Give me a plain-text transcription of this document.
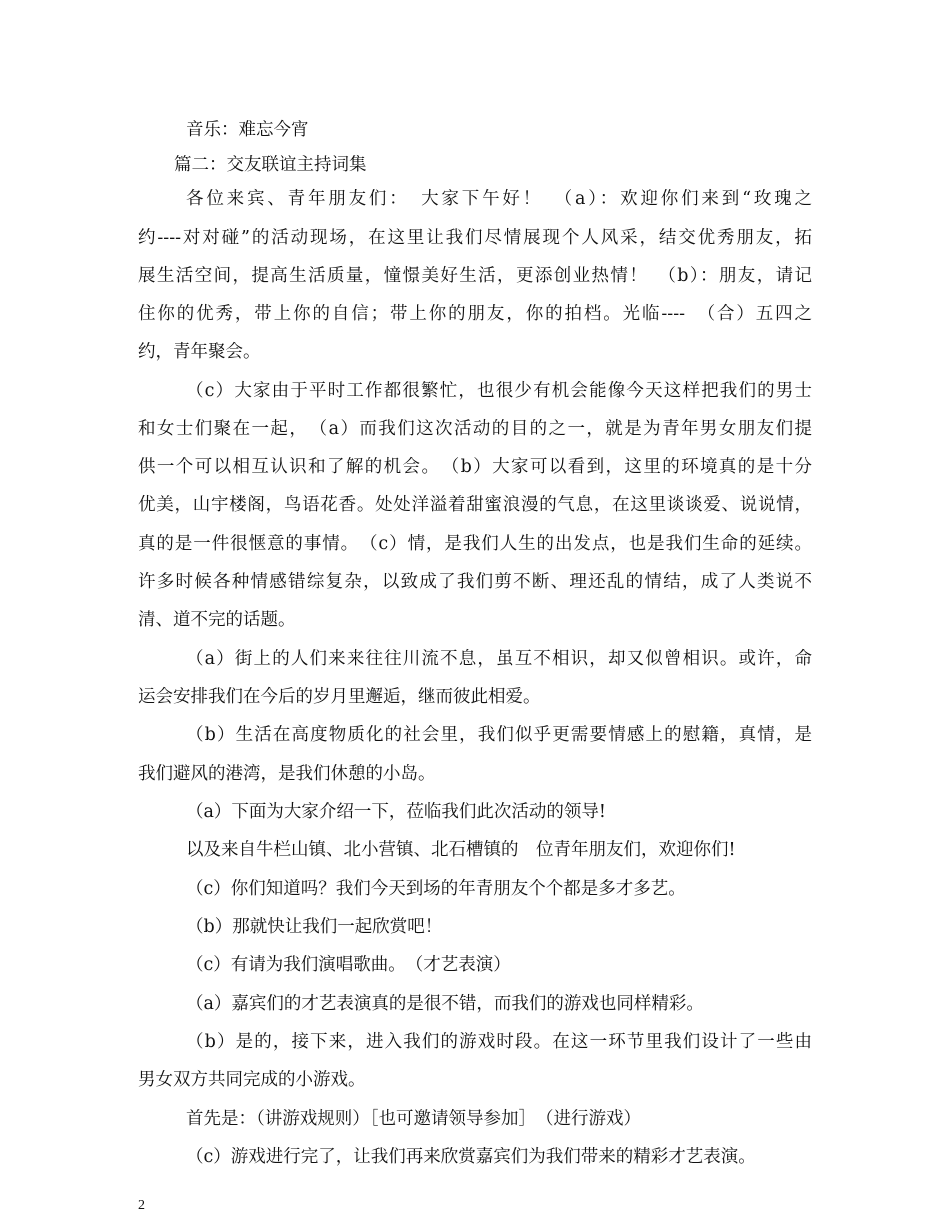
音乐：难忘今宵
篇二：交友联谊主持词集
各位来宾、青年朋友们：　大家下午好！　（a）：欢迎你们来到“玫瑰之
约----对对碰”的活动现场，在这里让我们尽情展现个人风采，结交优秀朋友，拓
展生活空间，提高生活质量，憧憬美好生活，更添创业热情！　（b）：朋友，请记
住你的优秀，带上你的自信；带上你的朋友，你的拍档。光临----　（合）五四之
约，青年聚会。
（c）大家由于平时工作都很繁忙，也很少有机会能像今天这样把我们的男士
和女士们聚在一起，　（a）而我们这次活动的目的之一，就是为青年男女朋友们提
供一个可以相互认识和了解的机会。　（b）大家可以看到，这里的环境真的是十分
优美，山宇楼阁，鸟语花香。处处洋溢着甜蜜浪漫的气息，在这里谈谈爱、说说情，
真的是一件很惬意的事情。　（c）情，是我们人生的出发点，也是我们生命的延续。
许多时候各种情感错综复杂，以致成了我们剪不断、理还乱的情结，成了人类说不
清、道不完的话题。
（a）街上的人们来来往往川流不息，虽互不相识，却又似曾相识。或许，命
运会安排我们在今后的岁月里邂逅，继而彼此相爱。
（b）生活在高度物质化的社会里，我们似乎更需要情感上的慰籍，真情，是
我们避风的港湾，是我们休憩的小岛。
（a）下面为大家介绍一下，莅临我们此次活动的领导!
以及来自牛栏山镇、北小营镇、北石槽镇的　位青年朋友们，欢迎你们!
（c）你们知道吗？我们今天到场的年青朋友个个都是多才多艺。
（b）那就快让我们一起欣赏吧！
（c）有请为我们演唱歌曲。　（才艺表演）
（a）嘉宾们的才艺表演真的是很不错，而我们的游戏也同样精彩。
（b）是的，接下来，进入我们的游戏时段。在这一环节里我们设计了一些由
男女双方共同完成的小游戏。
首先是：（讲游戏规则）［也可邀请领导参加］　（进行游戏）
（c）游戏进行完了，让我们再来欣赏嘉宾们为我们带来的精彩才艺表演。
2
